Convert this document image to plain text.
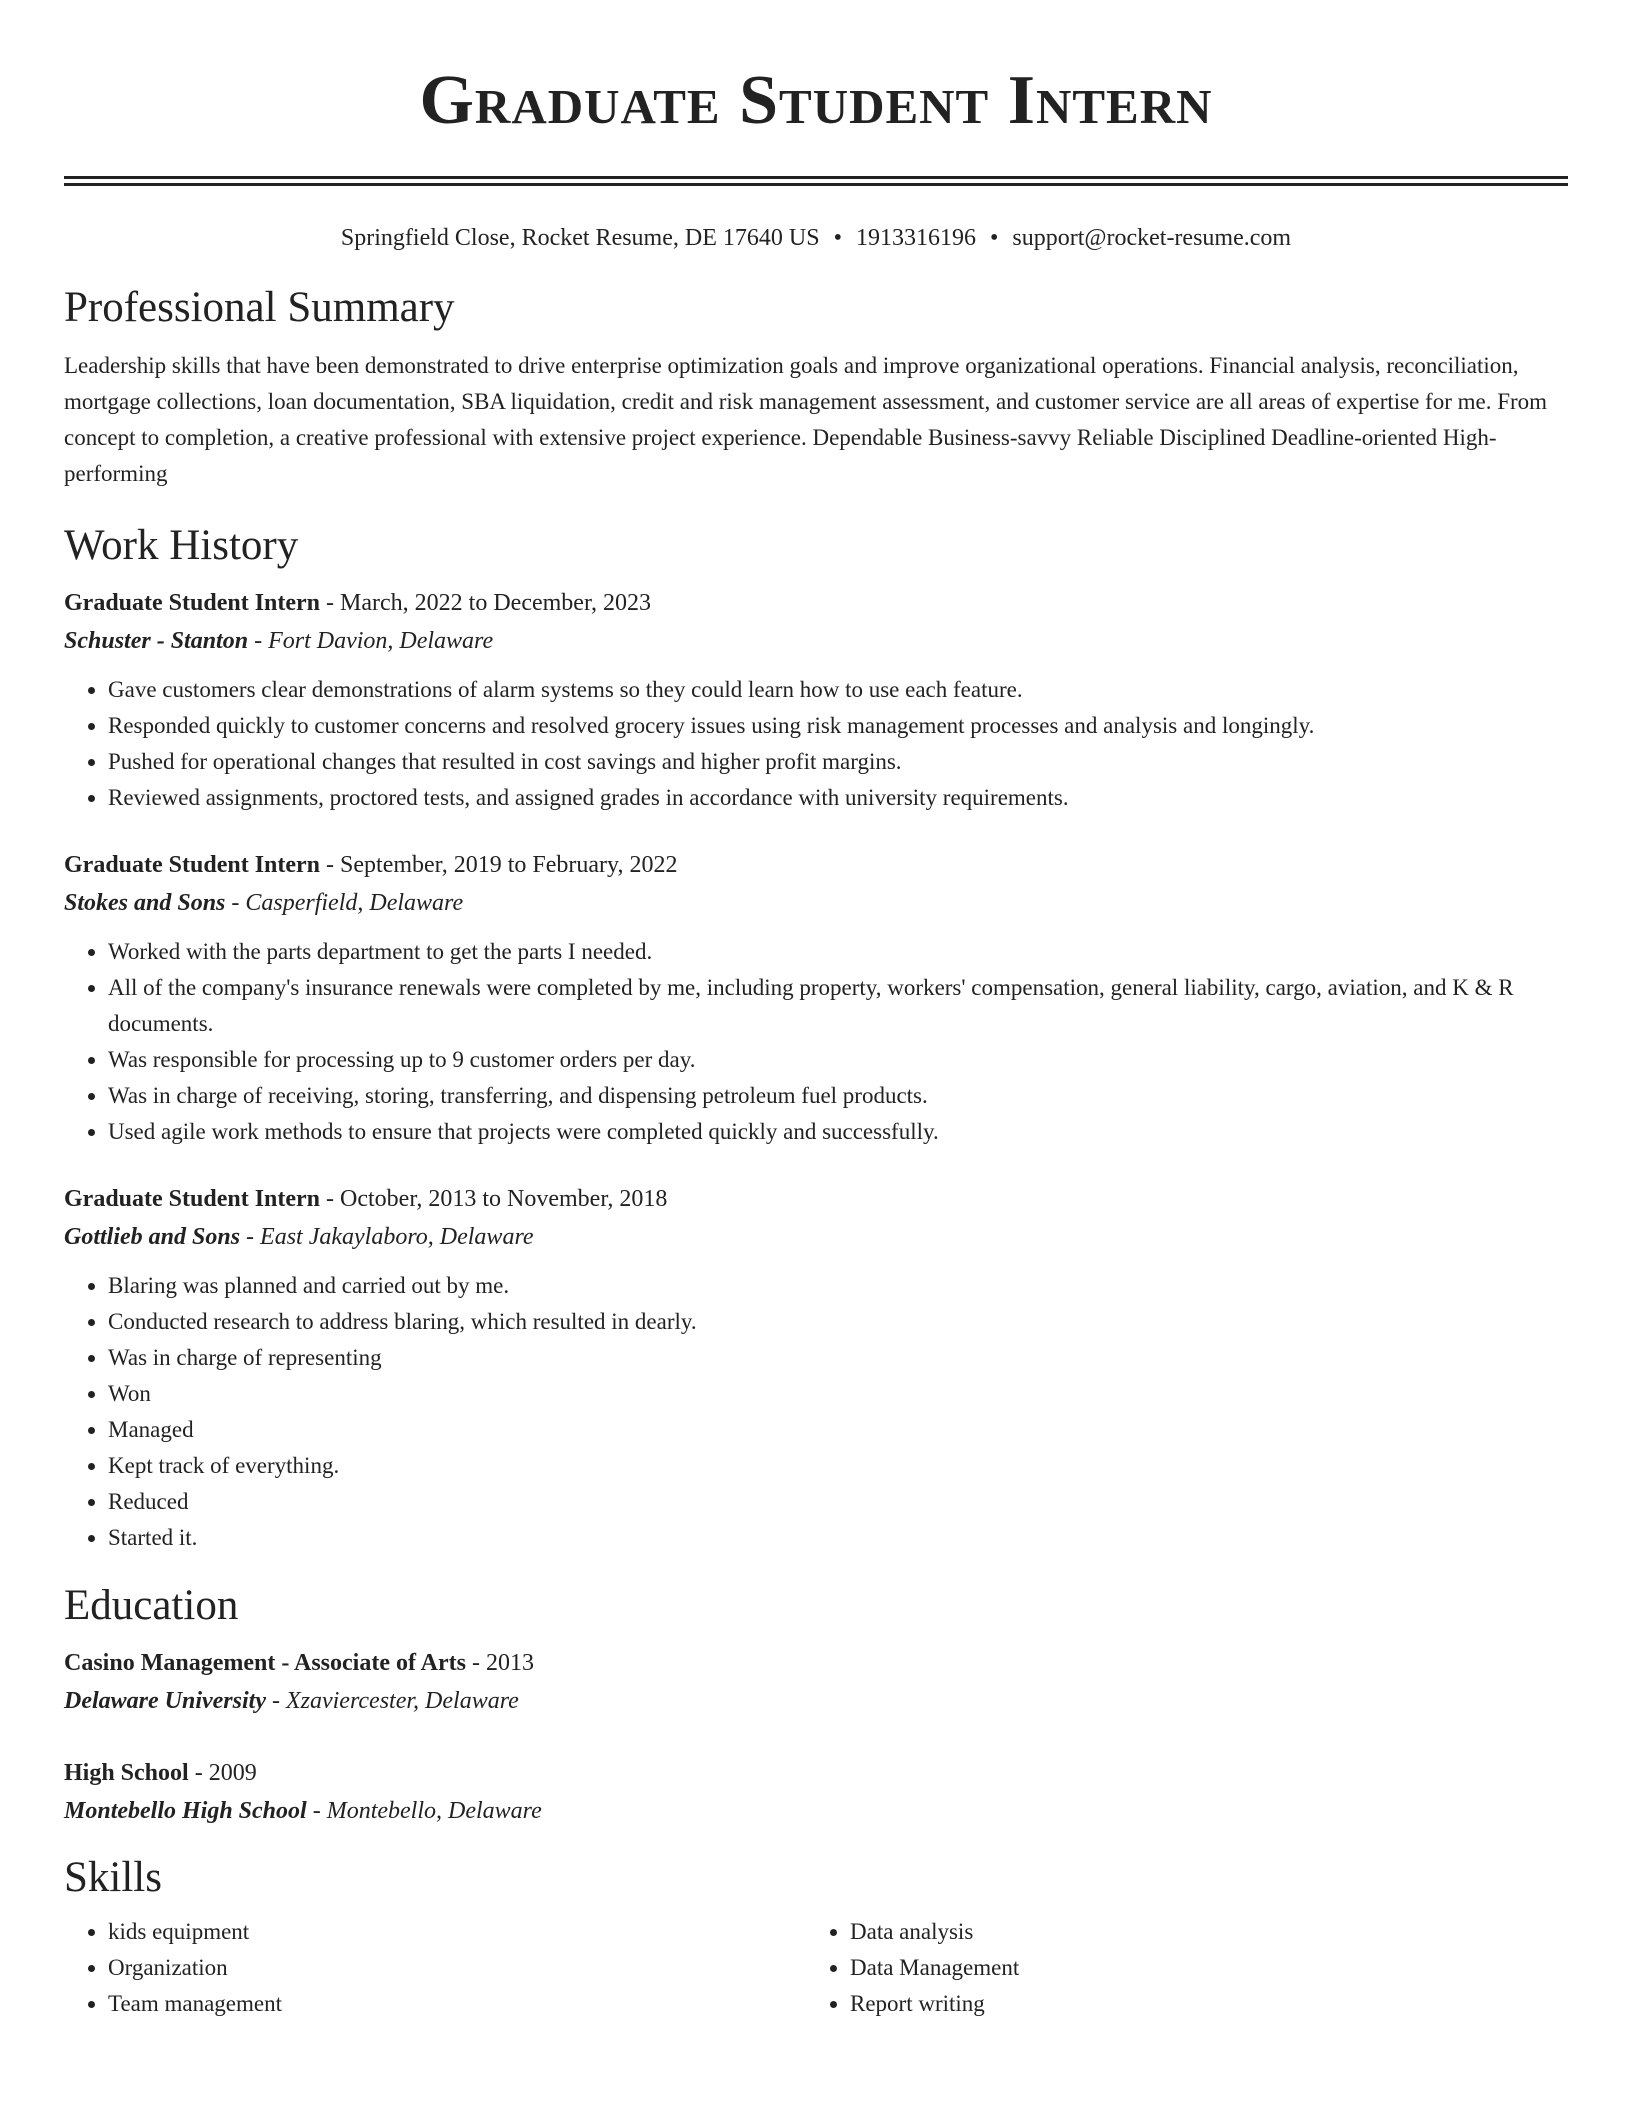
Graduate Student Intern
Springfield Close, Rocket Resume, DE 17640 US • 1913316196 • support@rocket-resume.com
Professional Summary

Leadership skills that have been demonstrated to drive enterprise optimization goals and improve organizational operations. Financial analysis, reconciliation, mortgage collections, loan documentation, SBA liquidation, credit and risk management assessment, and customer service are all areas of expertise for me. From concept to completion, a creative professional with extensive project experience. Dependable Business-savvy Reliable Disciplined Deadline-oriented High-performing

Work History

Graduate Student Intern - March, 2022 to December, 2023

Schuster - Stanton - Fort Davion, Delaware

• Gave customers clear demonstrations of alarm systems so they could learn how to use each feature.
• Responded quickly to customer concerns and resolved grocery issues using risk management processes and analysis and longingly.
• Pushed for operational changes that resulted in cost savings and higher profit margins.
• Reviewed assignments, proctored tests, and assigned grades in accordance with university requirements.

Graduate Student Intern - September, 2019 to February, 2022

Stokes and Sons - Casperfield, Delaware

• Worked with the parts department to get the parts I needed.
• All of the company's insurance renewals were completed by me, including property, workers' compensation, general liability, cargo, aviation, and K & R documents.
• Was responsible for processing up to 9 customer orders per day.
• Was in charge of receiving, storing, transferring, and dispensing petroleum fuel products.
• Used agile work methods to ensure that projects were completed quickly and successfully.

Graduate Student Intern - October, 2013 to November, 2018

Gottlieb and Sons - East Jakaylaboro, Delaware

• Blaring was planned and carried out by me.
• Conducted research to address blaring, which resulted in dearly.
• Was in charge of representing
• Won
• Managed
• Kept track of everything.
• Reduced
• Started it.
Education

Casino Management - Associate of Arts - 2013

Delaware University - Xzaviercester, Delaware

High School - 2009

Montebello High School - Montebello, Delaware

Skills
• kids equipment
• Organization
• Team management
• Data analysis
• Data Management
• Report writing
